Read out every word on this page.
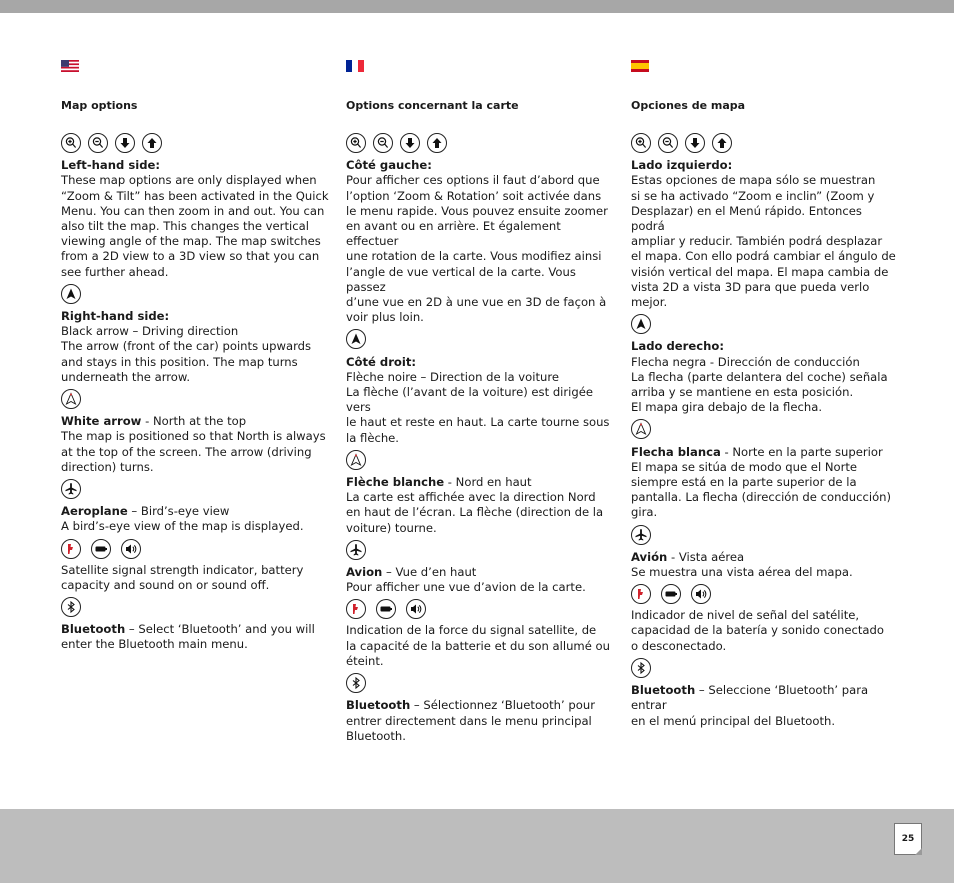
Map options
Left-hand side:
These map options are only displayed when
“Zoom & Tilt” has been activated in the Quick
Menu. You can then zoom in and out. You can
also tilt the map. This changes the vertical
viewing angle of the map. The map switches
from a 2D view to a 3D view so that you can
see further ahead.
Right-hand side:
Black arrow – Driving direction
The arrow (front of the car) points upwards
and stays in this position. The map turns
underneath the arrow.
White arrow - North at the top
The map is positioned so that North is always
at the top of the screen. The arrow (driving
direction) turns.
Aeroplane – Bird’s-eye view
A bird’s-eye view of the map is displayed.
Satellite signal strength indicator, battery
capacity and sound on or sound off.
Bluetooth – Select ‘Bluetooth’ and you will
enter the Bluetooth main menu.
Options concernant la carte
Côté gauche:
Pour afficher ces options il faut d’abord que
l’option ‘Zoom & Rotation’ soit activée dans
le menu rapide. Vous pouvez ensuite zoomer
en avant ou en arrière. Et également effectuer
une rotation de la carte. Vous modifiez ainsi
l’angle de vue vertical de la carte. Vous passez
d’une vue en 2D à une vue en 3D de façon à
voir plus loin.
Côté droit:
Flèche noire – Direction de la voiture
La flèche (l’avant de la voiture) est dirigée vers
le haut et reste en haut. La carte tourne sous
la flèche.
Flèche blanche - Nord en haut
La carte est affichée avec la direction Nord
en haut de l’écran. La flèche (direction de la
voiture) tourne.
Avion – Vue d’en haut
Pour afficher une vue d’avion de la carte.
Indication de la force du signal satellite, de
la capacité de la batterie et du son allumé ou
éteint.
Bluetooth – Sélectionnez ‘Bluetooth’ pour
entrer directement dans le menu principal
Bluetooth.
Opciones de mapa
Lado izquierdo:
Estas opciones de mapa sólo se muestran
si se ha activado “Zoom e inclin” (Zoom y
Desplazar) en el Menú rápido. Entonces podrá
ampliar y reducir. También podrá desplazar
el mapa. Con ello podrá cambiar el ángulo de
visión vertical del mapa. El mapa cambia de
vista 2D a vista 3D para que pueda verlo mejor.
Lado derecho:
Flecha negra - Dirección de conducción
La flecha (parte delantera del coche) señala
arriba y se mantiene en esta posición.
El mapa gira debajo de la flecha.
Flecha blanca - Norte en la parte superior
El mapa se sitúa de modo que el Norte
siempre está en la parte superior de la
pantalla. La flecha (dirección de conducción)
gira.
Avión - Vista aérea
Se muestra una vista aérea del mapa.
Indicador de nivel de señal del satélite,
capacidad de la batería y sonido conectado
o desconectado.
Bluetooth – Seleccione ‘Bluetooth’ para entrar
en el menú principal del Bluetooth.
25
